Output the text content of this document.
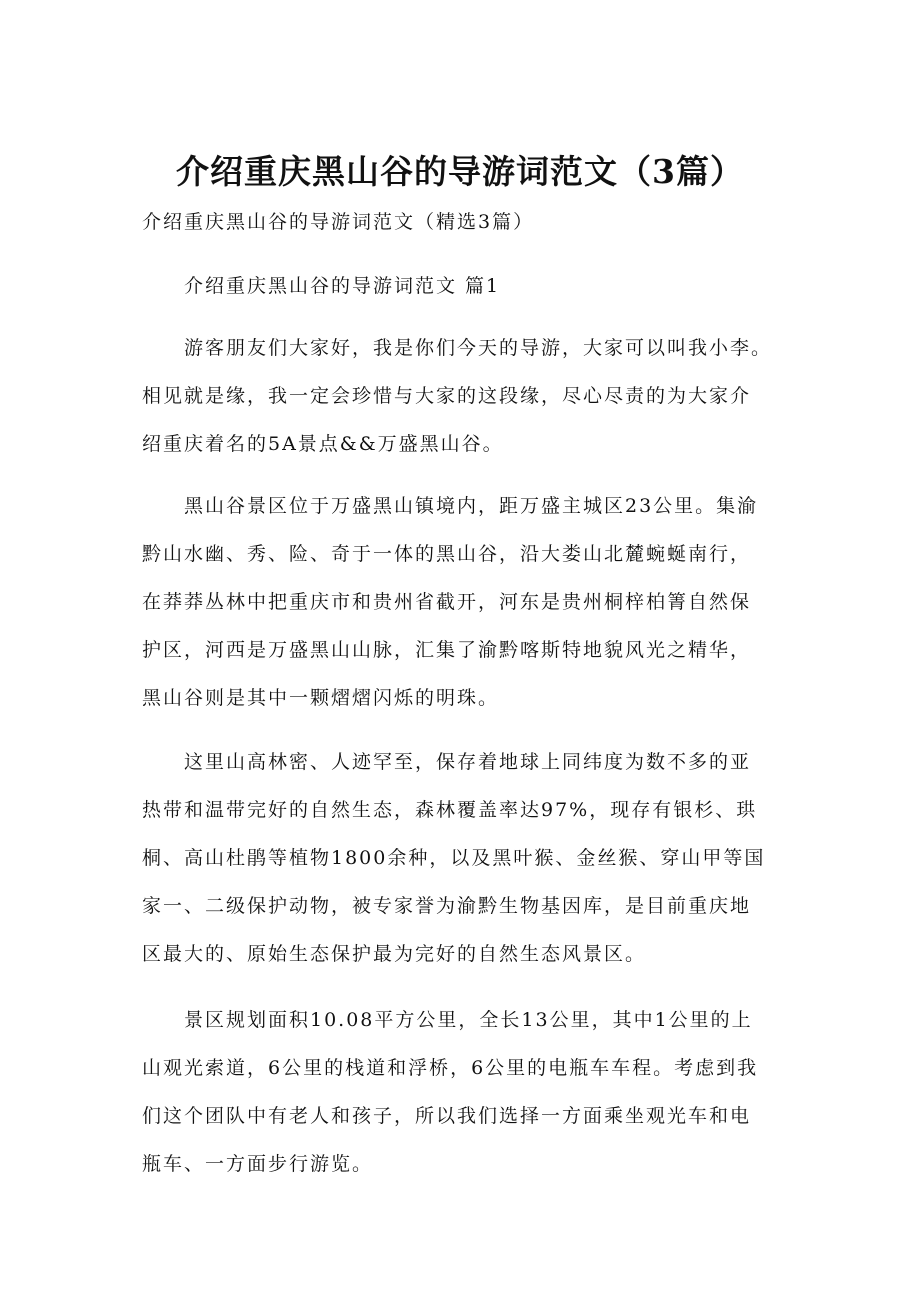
介绍重庆黑山谷的导游词范文（3篇）
介绍重庆黑山谷的导游词范文（精选3篇）
介绍重庆黑山谷的导游词范文 篇1
游客朋友们大家好，我是你们今天的导游，大家可以叫我小李。
相见就是缘，我一定会珍惜与大家的这段缘，尽心尽责的为大家介
绍重庆着名的5A景点&&万盛黑山谷。
黑山谷景区位于万盛黑山镇境内，距万盛主城区23公里。集渝
黔山水幽、秀、险、奇于一体的黑山谷，沿大娄山北麓蜿蜒南行，
在莽莽丛林中把重庆市和贵州省截开，河东是贵州桐梓柏箐自然保
护区，河西是万盛黑山山脉，汇集了渝黔喀斯特地貌风光之精华，
黑山谷则是其中一颗熠熠闪烁的明珠。
这里山高林密、人迹罕至，保存着地球上同纬度为数不多的亚
热带和温带完好的自然生态，森林覆盖率达97%，现存有银杉、珙
桐、高山杜鹃等植物1800余种，以及黑叶猴、金丝猴、穿山甲等国
家一、二级保护动物，被专家誉为渝黔生物基因库，是目前重庆地
区最大的、原始生态保护最为完好的自然生态风景区。
景区规划面积10.08平方公里，全长13公里，其中1公里的上
山观光索道，6公里的栈道和浮桥，6公里的电瓶车车程。考虑到我
们这个团队中有老人和孩子，所以我们选择一方面乘坐观光车和电
瓶车、一方面步行游览。
